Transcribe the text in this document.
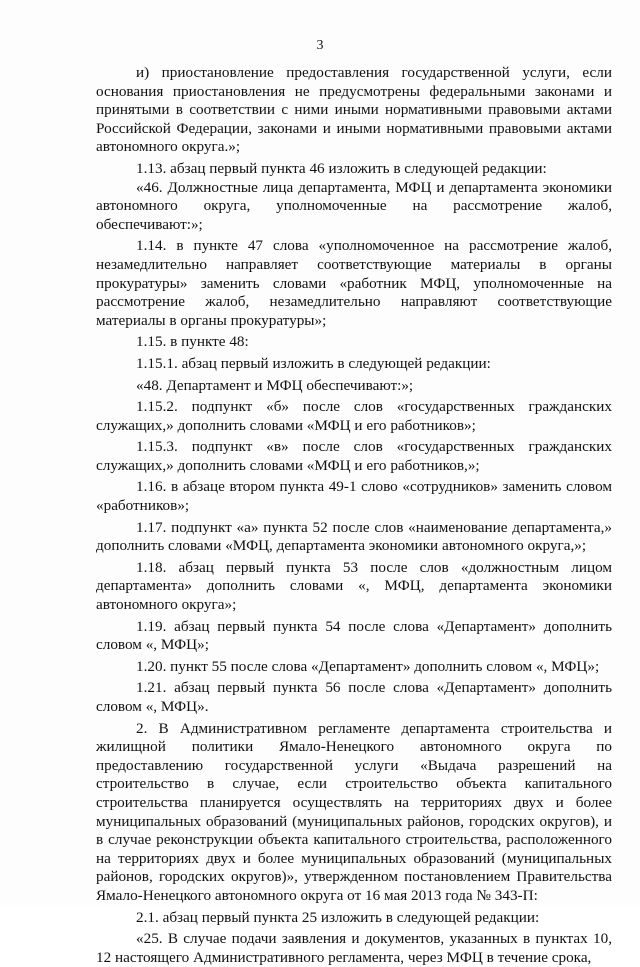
3

и) приостановление предоставления государственной услуги, если основания приостановления не предусмотрены федеральными законами и принятыми в соответствии с ними иными нормативными правовыми актами Российской Федерации, законами и иными нормативными правовыми актами автономного округа.»;

1.13. абзац первый пункта 46 изложить в следующей редакции:

«46. Должностные лица департамента, МФЦ и департамента экономики автономного округа, уполномоченные на рассмотрение жалоб, обеспечивают:»;

1.14. в пункте 47 слова «уполномоченное на рассмотрение жалоб, незамедлительно направляет соответствующие материалы в органы прокуратуры» заменить словами «работник МФЦ, уполномоченные на рассмотрение жалоб, незамедлительно направляют соответствующие материалы в органы прокуратуры»;

1.15. в пункте 48:

1.15.1. абзац первый изложить в следующей редакции:

«48. Департамент и МФЦ обеспечивают:»;

1.15.2. подпункт «б» после слов «государственных гражданских служащих,» дополнить словами «МФЦ и его работников»;

1.15.3. подпункт «в» после слов «государственных гражданских служащих,» дополнить словами «МФЦ и его работников,»;

1.16. в абзаце втором пункта 49-1 слово «сотрудников» заменить словом «работников»;

1.17. подпункт «а» пункта 52 после слов «наименование департамента,» дополнить словами «МФЦ, департамента экономики автономного округа,»;

1.18. абзац первый пункта 53 после слов «должностным лицом департамента» дополнить словами «, МФЦ, департамента экономики автономного округа»;

1.19. абзац первый пункта 54 после слова «Департамент» дополнить словом «, МФЦ»;

1.20. пункт 55 после слова «Департамент» дополнить словом «, МФЦ»;

1.21. абзац первый пункта 56 после слова «Департамент» дополнить словом «, МФЦ».

2. В Административном регламенте департамента строительства и жилищной политики Ямало-Ненецкого автономного округа по предоставлению государственной услуги «Выдача разрешений на строительство в случае, если строительство объекта капитального строительства планируется осуществлять на территориях двух и более муниципальных образований (муниципальных районов, городских округов), и в случае реконструкции объекта капитального строительства, расположенного на территориях двух и более муниципальных образований (муниципальных районов, городских округов)», утвержденном постановлением Правительства Ямало-Ненецкого автономного округа от 16 мая 2013 года № 343-П:

2.1. абзац первый пункта 25 изложить в следующей редакции:

«25. В случае подачи заявления и документов, указанных в пунктах 10, 12 настоящего Административного регламента, через МФЦ в течение срока,
